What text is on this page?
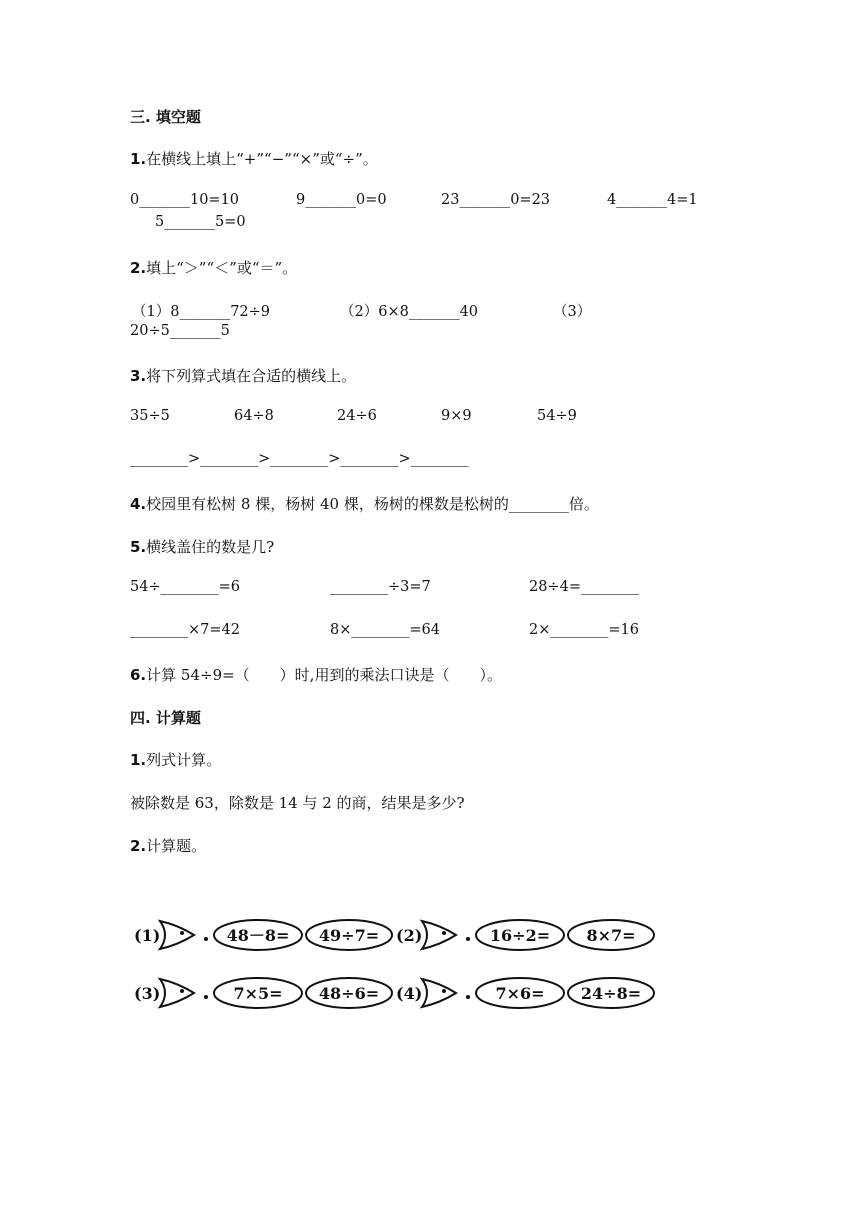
三. 填空题
1.在横线上填上“+”“−”“×”或“÷”。
0_______10=10	9_______0=0	23_______0=23	4_______4=1
5_______5=0
2.填上“＞”“＜”或“＝”。
（1）8_______72÷9	（2）6×8_______40	（3）
20÷5_______5
3.将下列算式填在合适的横线上。
35÷5	64÷8	24÷6	9×9	54÷9
________>________>________>________>________
4.校园里有松树 8 棵，杨树 40 棵，杨树的棵数是松树的________倍。
5.横线盖住的数是几?
54÷________=6	________÷3=7	28÷4=________
________×7=42	8×________=64	2×________=16
6.计算 54÷9=（　　）时,用到的乘法口诀是（　　）。
四. 计算题
1.列式计算。
被除数是 63，除数是 14 与 2 的商，结果是多少?
2.计算题。
(1)	48－8= 49÷7= (2)	16÷2= 8×7=
(3)	7×5= 48÷6= (4)	7×6= 24÷8=
